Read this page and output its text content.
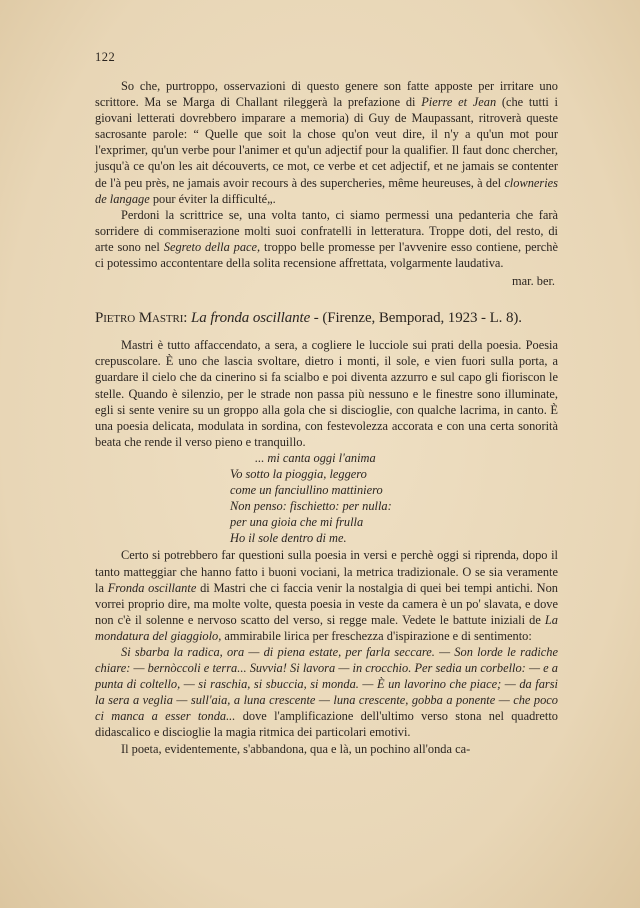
122

So che, purtroppo, osservazioni di questo genere son fatte apposte per irritare uno scrittore. Ma se Marga di Challant rileggerà la prefazione di Pierre et Jean (che tutti i giovani letterati dovrebbero imparare a memoria) di Guy de Maupassant, ritroverà queste sacrosante parole: “ Quelle que soit la chose qu'on veut dire, il n'y a qu'un mot pour l'exprimer, qu'un verbe pour l'animer et qu'un adjectif pour la qualifier. Il faut donc chercher, jusqu'à ce qu'on les ait découverts, ce mot, ce verbe et cet adjectif, et ne jamais se contenter de l'à peu près, ne jamais avoir recours à des supercheries, même heureuses, à del clowneries de langage pour éviter la difficulté„.

Perdoni la scrittrice se, una volta tanto, ci siamo permessi una pedanteria che farà sorridere di commiserazione molti suoi confratelli in letteratura. Troppe doti, del resto, di arte sono nel Segreto della pace, troppo belle promesse per l'avvenire esso contiene, perchè ci potessimo accontentare della solita recensione affrettata, volgarmente laudativa.

mar. ber.
Pietro Mastri: La fronda oscillante - (Firenze, Bemporad, 1923 - L. 8).

Mastri è tutto affaccendato, a sera, a cogliere le lucciole sui prati della poesia. Poesia crepuscolare. È uno che lascia svoltare, dietro i monti, il sole, e vien fuori sulla porta, a guardare il cielo che da cinerino si fa scialbo e poi diventa azzurro e sul capo gli fioriscon le stelle. Quando è silenzio, per le strade non passa più nessuno e le finestre sono illuminate, egli si sente venire su un groppo alla gola che si discioglie, con qualche lacrima, in canto. È una poesia delicata, modulata in sordina, con festevolezza accorata e con una certa sonorità beata che rende il verso pieno e tranquillo.

... mi canta oggi l'anima
Vo sotto la pioggia, leggero
come un fanciullino mattiniero
Non penso: fischietto: per nulla:
per una gioia che mi frulla
Ho il sole dentro di me.

Certo si potrebbero far questioni sulla poesia in versi e perchè oggi si riprenda, dopo il tanto matteggiar che hanno fatto i buoni vociani, la metrica tradizionale. O se sia veramente la Fronda oscillante di Mastri che ci faccia venir la nostalgia di quei bei tempi antichi. Non vorrei proprio dire, ma molte volte, questa poesia in veste da camera è un po' slavata, e dove non c'è il solenne e nervoso scatto del verso, si regge male. Vedete le battute iniziali de La mondatura del giaggiolo, ammirabile lirica per freschezza d'ispirazione e di sentimento:

Si sbarba la radica, ora — di piena estate, per farla seccare. — Son lorde le radiche chiare: — bernòccoli e terra... Suvvia! Si lavora — in crocchio. Per sedia un corbello: — e a punta di coltello, — si raschia, si sbuccia, si monda. — È un lavorino che piace; — da farsi la sera a veglia — sull'aia, a luna crescente — luna crescente, gobba a ponente — che poco ci manca a esser tonda... dove l'amplificazione dell'ultimo verso stona nel quadretto didascalico e discioglie la magia ritmica dei particolari emotivi.

Il poeta, evidentemente, s'abbandona, qua e là, un pochino all'onda ca-
